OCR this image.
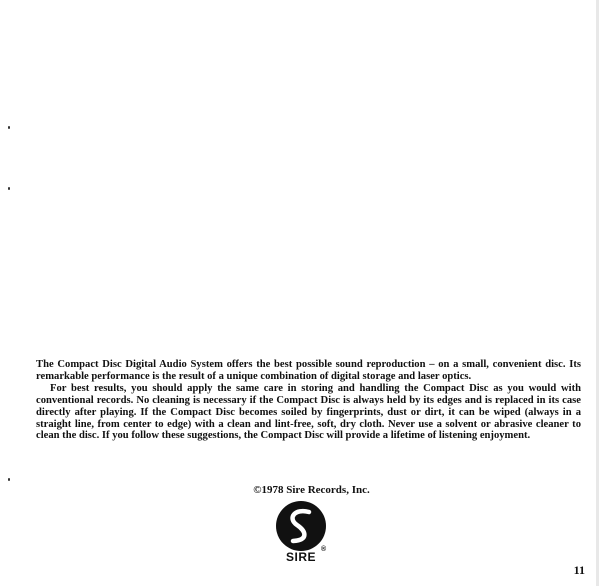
The Compact Disc Digital Audio System offers the best possible sound reproduction – on a small, convenient disc. Its remarkable performance is the result of a unique combination of digital storage and laser optics.

For best results, you should apply the same care in storing and handling the Compact Disc as you would with conventional records. No cleaning is necessary if the Compact Disc is always held by its edges and is replaced in its case directly after playing. If the Compact Disc becomes soiled by fingerprints, dust or dirt, it can be wiped (always in a straight line, from center to edge) with a clean and lint-free, soft, dry cloth. Never use a solvent or abrasive cleaner to clean the disc. If you follow these suggestions, the Compact Disc will provide a lifetime of listening enjoyment.

©1978 Sire Records, Inc.

SIRE
®

11
